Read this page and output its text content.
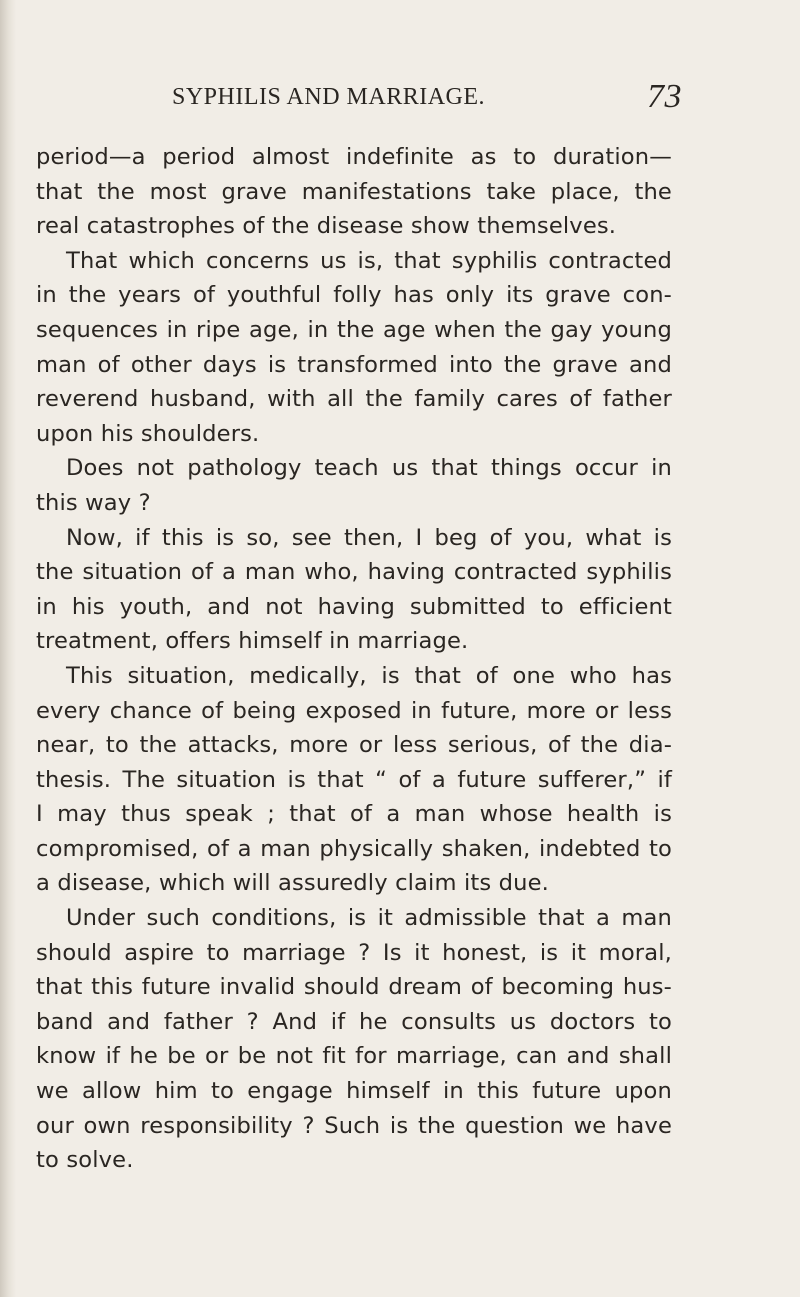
SYPHILIS AND MARRIAGE.	73
period—a period almost indefinite as to duration—
that the most grave manifestations take place, the
real catastrophes of the disease show themselves.
That which concerns us is, that syphilis contracted
in the years of youthful folly has only its grave con-
sequences in ripe age, in the age when the gay young
man of other days is transformed into the grave and
reverend husband, with all the family cares of father
upon his shoulders.
Does not pathology teach us that things occur in
this way ?
Now, if this is so, see then, I beg of you, what is
the situation of a man who, having contracted syphilis
in his youth, and not having submitted to efficient
treatment, offers himself in marriage.
This situation, medically, is that of one who has
every chance of being exposed in future, more or less
near, to the attacks, more or less serious, of the dia-
thesis. The situation is that “ of a future sufferer,” if
I may thus speak ; that of a man whose health is
compromised, of a man physically shaken, indebted to
a disease, which will assuredly claim its due.
Under such conditions, is it admissible that a man
should aspire to marriage ? Is it honest, is it moral,
that this future invalid should dream of becoming hus-
band and father ? And if he consults us doctors to
know if he be or be not fit for marriage, can and shall
we allow him to engage himself in this future upon
our own responsibility ? Such is the question we have
to solve.
